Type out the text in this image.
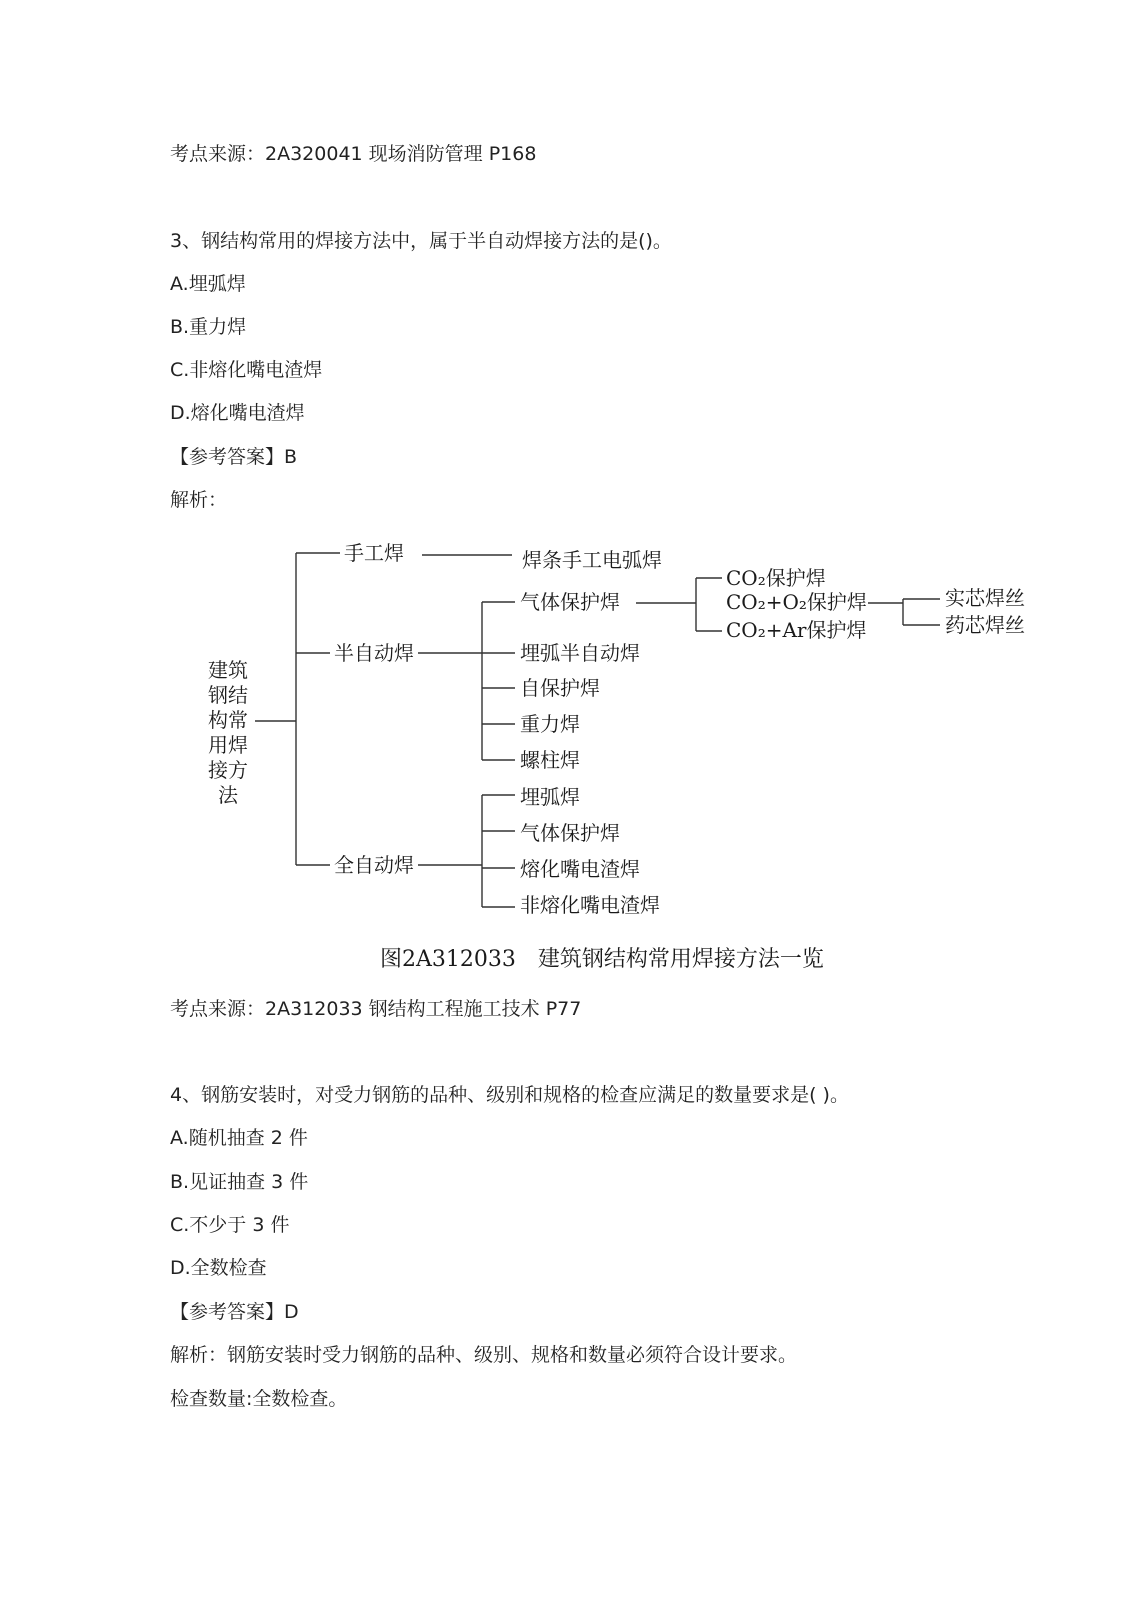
考点来源：2A320041 现场消防管理 P168
3、钢结构常用的焊接方法中，属于半自动焊接方法的是()。
A.埋弧焊
B.重力焊
C.非熔化嘴电渣焊
D.熔化嘴电渣焊
【参考答案】B
解析：
建筑
钢结
构常
用焊
接方
法
手工焊
半自动焊
全自动焊
焊条手工电弧焊
气体保护焊
埋弧半自动焊
自保护焊
重力焊
螺柱焊
CO₂保护焊
CO₂+O₂保护焊
CO₂+Ar保护焊
实芯焊丝
药芯焊丝
埋弧焊
气体保护焊
熔化嘴电渣焊
非熔化嘴电渣焊
图2A312033　建筑钢结构常用焊接方法一览
考点来源：2A312033 钢结构工程施工技术 P77
4、钢筋安装时，对受力钢筋的品种、级别和规格的检查应满足的数量要求是( )。
A.随机抽查 2 件
B.见证抽查 3 件
C.不少于 3 件
D.全数检查
【参考答案】D
解析：钢筋安装时受力钢筋的品种、级别、规格和数量必须符合设计要求。
检查数量:全数检查。
